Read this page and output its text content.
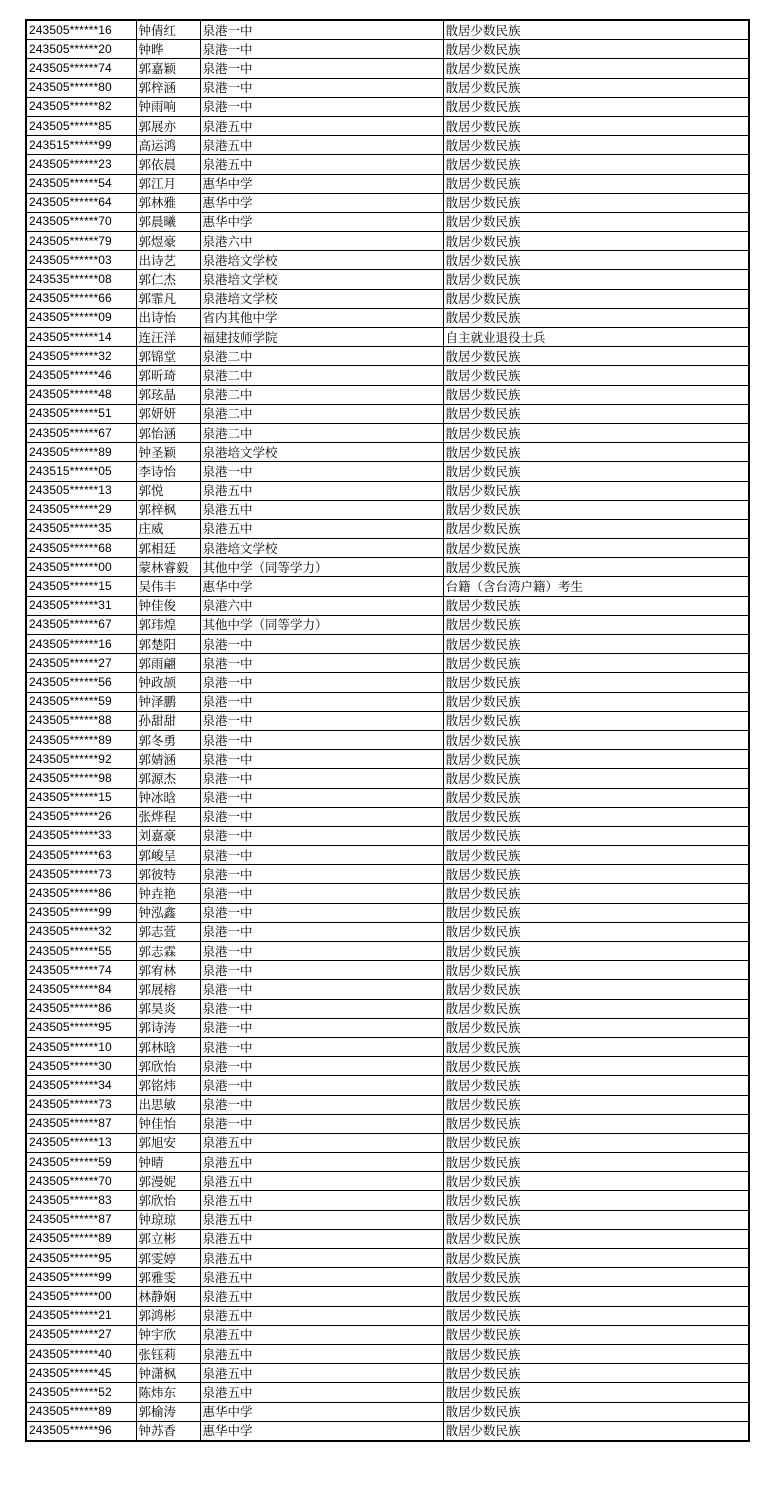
243505******16	钟倩红	泉港一中	散居少数民族
243505******20	钟晔	泉港一中	散居少数民族
243505******74	郭嘉颖	泉港一中	散居少数民族
243505******80	郭梓涵	泉港一中	散居少数民族
243505******82	钟雨响	泉港一中	散居少数民族
243505******85	郭展亦	泉港五中	散居少数民族
243515******99	高运鸿	泉港五中	散居少数民族
243505******23	郭依晨	泉港五中	散居少数民族
243505******54	郭江月	惠华中学	散居少数民族
243505******64	郭林雅	惠华中学	散居少数民族
243505******70	郭晨曦	惠华中学	散居少数民族
243505******79	郭煜豪	泉港六中	散居少数民族
243505******03	出诗艺	泉港培文学校	散居少数民族
243535******08	郭仁杰	泉港培文学校	散居少数民族
243505******66	郭霏凡	泉港培文学校	散居少数民族
243505******09	出诗怡	省内其他中学	散居少数民族
243505******14	连汪洋	福建技师学院	自主就业退役士兵
243505******32	郭锦堂	泉港二中	散居少数民族
243505******46	郭昕琦	泉港二中	散居少数民族
243505******48	郭玹晶	泉港二中	散居少数民族
243505******51	郭妍妍	泉港二中	散居少数民族
243505******67	郭怡涵	泉港二中	散居少数民族
243505******89	钟圣颖	泉港培文学校	散居少数民族
243515******05	李诗怡	泉港一中	散居少数民族
243505******13	郭悦	泉港五中	散居少数民族
243505******29	郭梓枫	泉港五中	散居少数民族
243505******35	庄威	泉港五中	散居少数民族
243505******68	郭相廷	泉港培文学校	散居少数民族
243505******00	蒙林睿毅	其他中学（同等学力）	散居少数民族
243505******15	吴伟丰	惠华中学	台籍（含台湾户籍）考生
243505******31	钟佳俊	泉港六中	散居少数民族
243505******67	郭玮煌	其他中学（同等学力）	散居少数民族
243505******16	郭楚阳	泉港一中	散居少数民族
243505******27	郭雨翩	泉港一中	散居少数民族
243505******56	钟政颉	泉港一中	散居少数民族
243505******59	钟泽鹏	泉港一中	散居少数民族
243505******88	孙甜甜	泉港一中	散居少数民族
243505******89	郭冬勇	泉港一中	散居少数民族
243505******92	郭婧涵	泉港一中	散居少数民族
243505******98	郭源杰	泉港一中	散居少数民族
243505******15	钟冰晗	泉港一中	散居少数民族
243505******26	张烨程	泉港一中	散居少数民族
243505******33	刘嘉豪	泉港一中	散居少数民族
243505******63	郭峻呈	泉港一中	散居少数民族
243505******73	郭彼特	泉港一中	散居少数民族
243505******86	钟垚艳	泉港一中	散居少数民族
243505******99	钟泓鑫	泉港一中	散居少数民族
243505******32	郭志萱	泉港一中	散居少数民族
243505******55	郭志霖	泉港一中	散居少数民族
243505******74	郭宥林	泉港一中	散居少数民族
243505******84	郭展榕	泉港一中	散居少数民族
243505******86	郭昊炎	泉港一中	散居少数民族
243505******95	郭诗涛	泉港一中	散居少数民族
243505******10	郭林晗	泉港一中	散居少数民族
243505******30	郭欣怡	泉港一中	散居少数民族
243505******34	郭铭炜	泉港一中	散居少数民族
243505******73	出思敏	泉港一中	散居少数民族
243505******87	钟佳怡	泉港一中	散居少数民族
243505******13	郭旭安	泉港五中	散居少数民族
243505******59	钟晴	泉港五中	散居少数民族
243505******70	郭漫妮	泉港五中	散居少数民族
243505******83	郭欣怡	泉港五中	散居少数民族
243505******87	钟琼琼	泉港五中	散居少数民族
243505******89	郭立彬	泉港五中	散居少数民族
243505******95	郭雯婷	泉港五中	散居少数民族
243505******99	郭雅雯	泉港五中	散居少数民族
243505******00	林静娴	泉港五中	散居少数民族
243505******21	郭鸿彬	泉港五中	散居少数民族
243505******27	钟宇欣	泉港五中	散居少数民族
243505******40	张钰莉	泉港五中	散居少数民族
243505******45	钟潇枫	泉港五中	散居少数民族
243505******52	陈炜东	泉港五中	散居少数民族
243505******89	郭榆涛	惠华中学	散居少数民族
243505******96	钟苏香	惠华中学	散居少数民族
